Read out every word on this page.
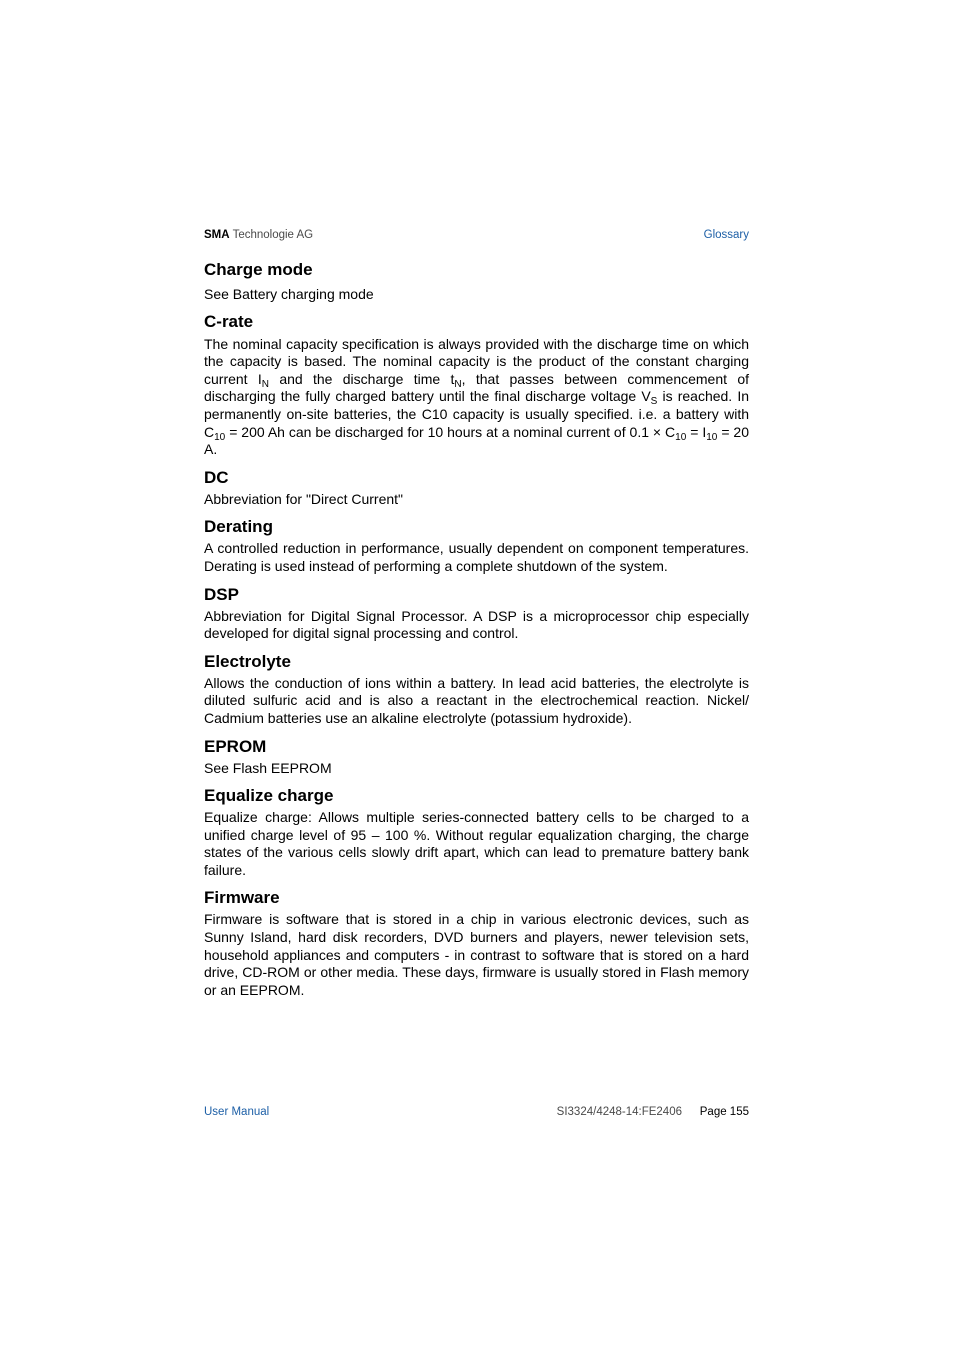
SMA Technologie AG	Glossary
Charge mode

See Battery charging mode

C-rate

The nominal capacity specification is always provided with the discharge time on which the capacity is based. The nominal capacity is the product of the constant charging current $I_N$ and the discharge time $t_N$, that passes between commencement of discharging the fully charged battery until the final discharge voltage $V_S$ is reached. In permanently on-site batteries, the C10 capacity is usually specified. i.e. a battery with $C_{10} = 200$ Ah can be discharged for 10 hours at a nominal current of $0.1 \times C_{10} = I_{10} = 20$ A.

DC

Abbreviation for "Direct Current"

Derating

A controlled reduction in performance, usually dependent on component temperatures. Derating is used instead of performing a complete shutdown of the system.

DSP

Abbreviation for Digital Signal Processor. A DSP is a microprocessor chip especially developed for digital signal processing and control.

Electrolyte

Allows the conduction of ions within a battery. In lead acid batteries, the electrolyte is diluted sulfuric acid and is also a reactant in the electrochemical reaction. Nickel/ Cadmium batteries use an alkaline electrolyte (potassium hydroxide).

EPROM

See Flash EEPROM

Equalize charge

Equalize charge: Allows multiple series-connected battery cells to be charged to a unified charge level of 95 – 100 %. Without regular equalization charging, the charge states of the various cells slowly drift apart, which can lead to premature battery bank failure.

Firmware

Firmware is software that is stored in a chip in various electronic devices, such as Sunny Island, hard disk recorders, DVD burners and players, newer television sets, household appliances and computers - in contrast to software that is stored on a hard drive, CD-ROM or other media. These days, firmware is usually stored in Flash memory or an EEPROM.

User Manual	SI3324/4248-14:FE2406 Page 155
